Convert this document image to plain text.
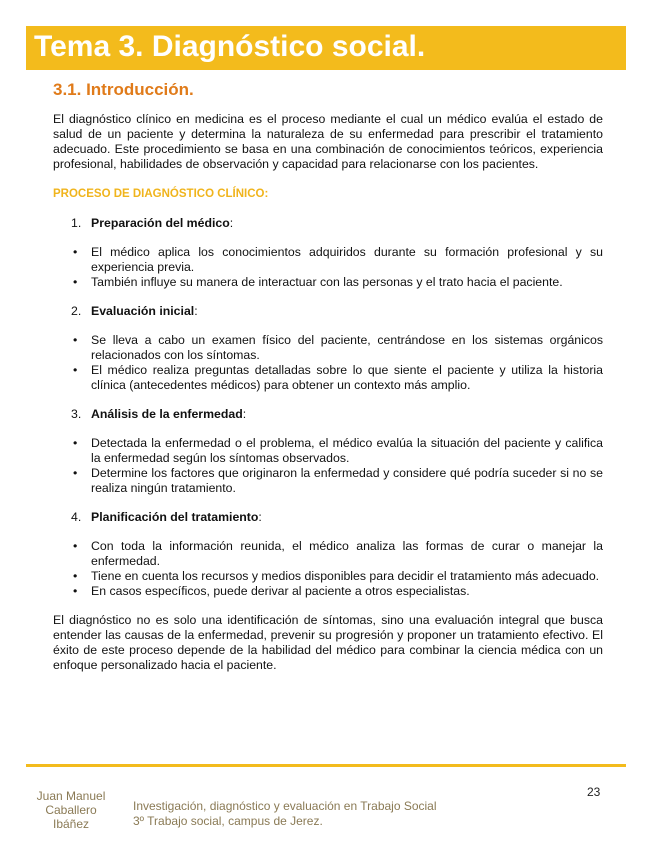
Tema 3. Diagnóstico social.
3.1. Introducción.

El diagnóstico clínico en medicina es el proceso mediante el cual un médico evalúa el estado de salud de un paciente y determina la naturaleza de su enfermedad para prescribir el tratamiento adecuado. Este procedimiento se basa en una combinación de conocimientos teóricos, experiencia profesional, habilidades de observación y capacidad para relacionarse con los pacientes.

PROCESO DE DIAGNÓSTICO CLÍNICO:
1. Preparación del médico:
• El médico aplica los conocimientos adquiridos durante su formación profesional y su experiencia previa.
• También influye su manera de interactuar con las personas y el trato hacia el paciente.
2. Evaluación inicial:
• Se lleva a cabo un examen físico del paciente, centrándose en los sistemas orgánicos relacionados con los síntomas.
• El médico realiza preguntas detalladas sobre lo que siente el paciente y utiliza la historia clínica (antecedentes médicos) para obtener un contexto más amplio.
3. Análisis de la enfermedad:
• Detectada la enfermedad o el problema, el médico evalúa la situación del paciente y califica la enfermedad según los síntomas observados.
• Determine los factores que originaron la enfermedad y considere qué podría suceder si no se realiza ningún tratamiento.
4. Planificación del tratamiento:
• Con toda la información reunida, el médico analiza las formas de curar o manejar la enfermedad.
• Tiene en cuenta los recursos y medios disponibles para decidir el tratamiento más adecuado.
• En casos específicos, puede derivar al paciente a otros especialistas.

El diagnóstico no es solo una identificación de síntomas, sino una evaluación integral que busca entender las causas de la enfermedad, prevenir su progresión y proponer un tratamiento efectivo. El éxito de este proceso depende de la habilidad del médico para combinar la ciencia médica con un enfoque personalizado hacia el paciente.

Juan Manuel
Caballero
Ibáñez
Investigación, diagnóstico y evaluación en Trabajo Social
3º Trabajo social, campus de Jerez.
23
